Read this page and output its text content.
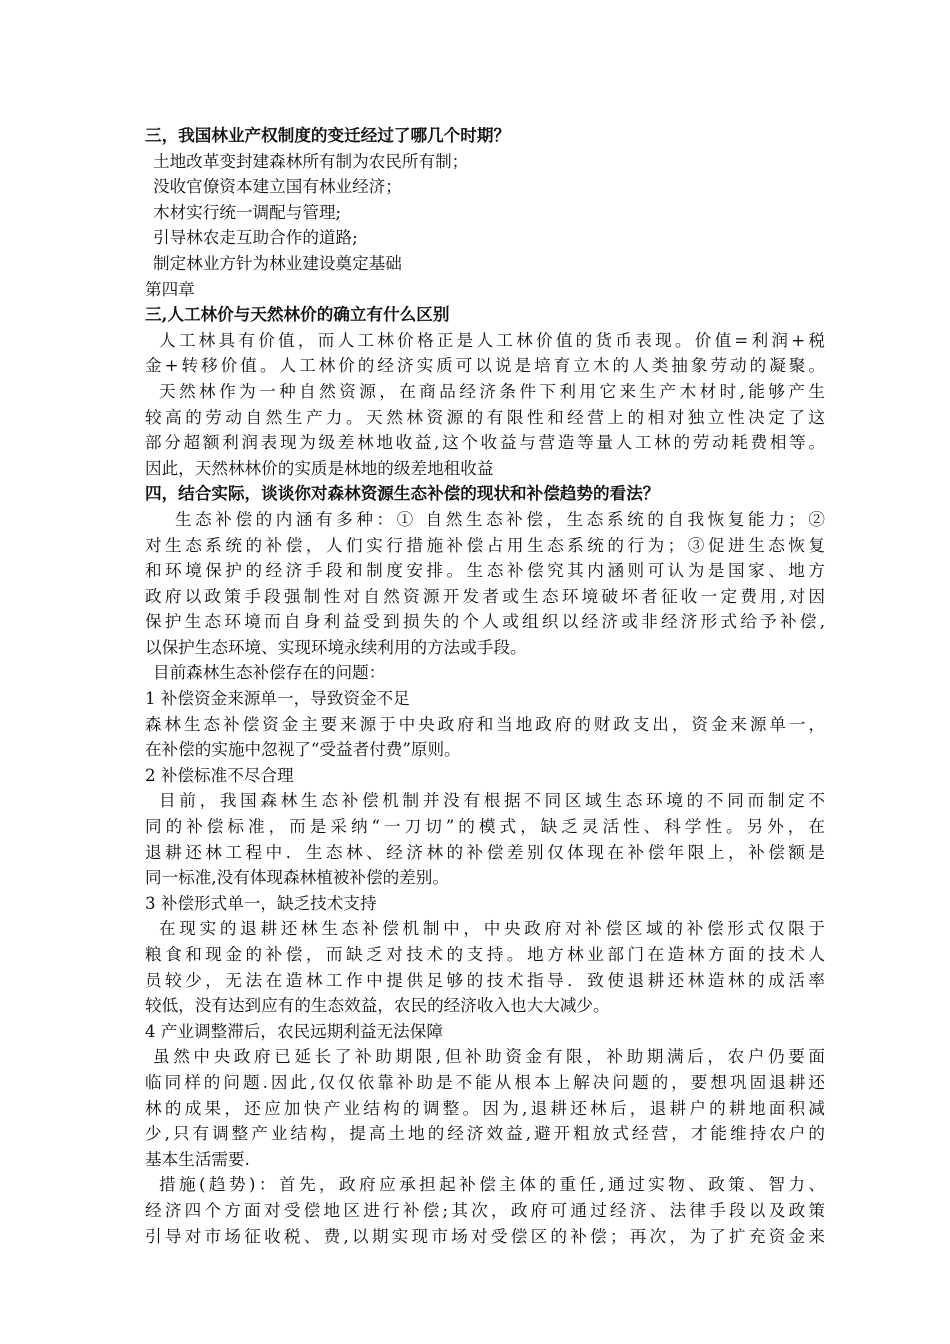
三，我国林业产权制度的变迁经过了哪几个时期？
土地改革变封建森林所有制为农民所有制；
没收官僚资本建立国有林业经济；
木材实行统一调配与管理;
引导林农走互助合作的道路;
制定林业方针为林业建设奠定基础
第四章
三,人工林价与天然林价的确立有什么区别
人工林具有价值，而人工林价格正是人工林价值的货币表现。价值=利润+税
金+转移价值。人工林价的经济实质可以说是培育立木的人类抽象劳动的凝聚。
天然林作为一种自然资源，在商品经济条件下利用它来生产木材时,能够产生
较高的劳动自然生产力。天然林资源的有限性和经营上的相对独立性决定了这
部分超额利润表现为级差林地收益,这个收益与营造等量人工林的劳动耗费相等。
因此，天然林林价的实质是林地的级差地租收益
四，结合实际，谈谈你对森林资源生态补偿的现状和补偿趋势的看法？
生态补偿的内涵有多种：① 自然生态补偿，生态系统的自我恢复能力；②
对生态系统的补偿，人们实行措施补偿占用生态系统的行为；③促进生态恢复
和环境保护的经济手段和制度安排。生态补偿究其内涵则可认为是国家、地方
政府以政策手段强制性对自然资源开发者或生态环境破坏者征收一定费用,对因
保护生态环境而自身利益受到损失的个人或组织以经济或非经济形式给予补偿,
以保护生态环境、实现环境永续利用的方法或手段。
目前森林生态补偿存在的问题：
1 补偿资金来源单一，导致资金不足
森林生态补偿资金主要来源于中央政府和当地政府的财政支出，资金来源单一，
在补偿的实施中忽视了“受益者付费”原则。
2 补偿标准不尽合理
目前，我国森林生态补偿机制并没有根据不同区域生态环境的不同而制定不
同的补偿标准，而是采纳“一刀切”的模式，缺乏灵活性、科学性。另外，在
退耕还林工程中．生态林、经济林的补偿差别仅体现在补偿年限上，补偿额是
同一标准,没有体现森林植被补偿的差别。
3 补偿形式单一，缺乏技术支持
在现实的退耕还林生态补偿机制中，中央政府对补偿区域的补偿形式仅限于
粮食和现金的补偿，而缺乏对技术的支持。地方林业部门在造林方面的技术人
员较少，无法在造林工作中提供足够的技术指导．致使退耕还林造林的成活率
较低，没有达到应有的生态效益，农民的经济收入也大大减少。
4 产业调整滞后，农民远期利益无法保障
虽然中央政府已延长了补助期限,但补助资金有限，补助期满后，农户仍要面
临同样的问题.因此,仅仅依靠补助是不能从根本上解决问题的，要想巩固退耕还
林的成果，还应加快产业结构的调整。因为,退耕还林后，退耕户的耕地面积减
少,只有调整产业结构，提高土地的经济效益,避开粗放式经营，才能维持农户的
基本生活需要.
措施(趋势)：首先，政府应承担起补偿主体的重任,通过实物、政策、智力、
经济四个方面对受偿地区进行补偿;其次，政府可通过经济、法律手段以及政策
引导对市场征收税、费,以期实现市场对受偿区的补偿；再次，为了扩充资金来
